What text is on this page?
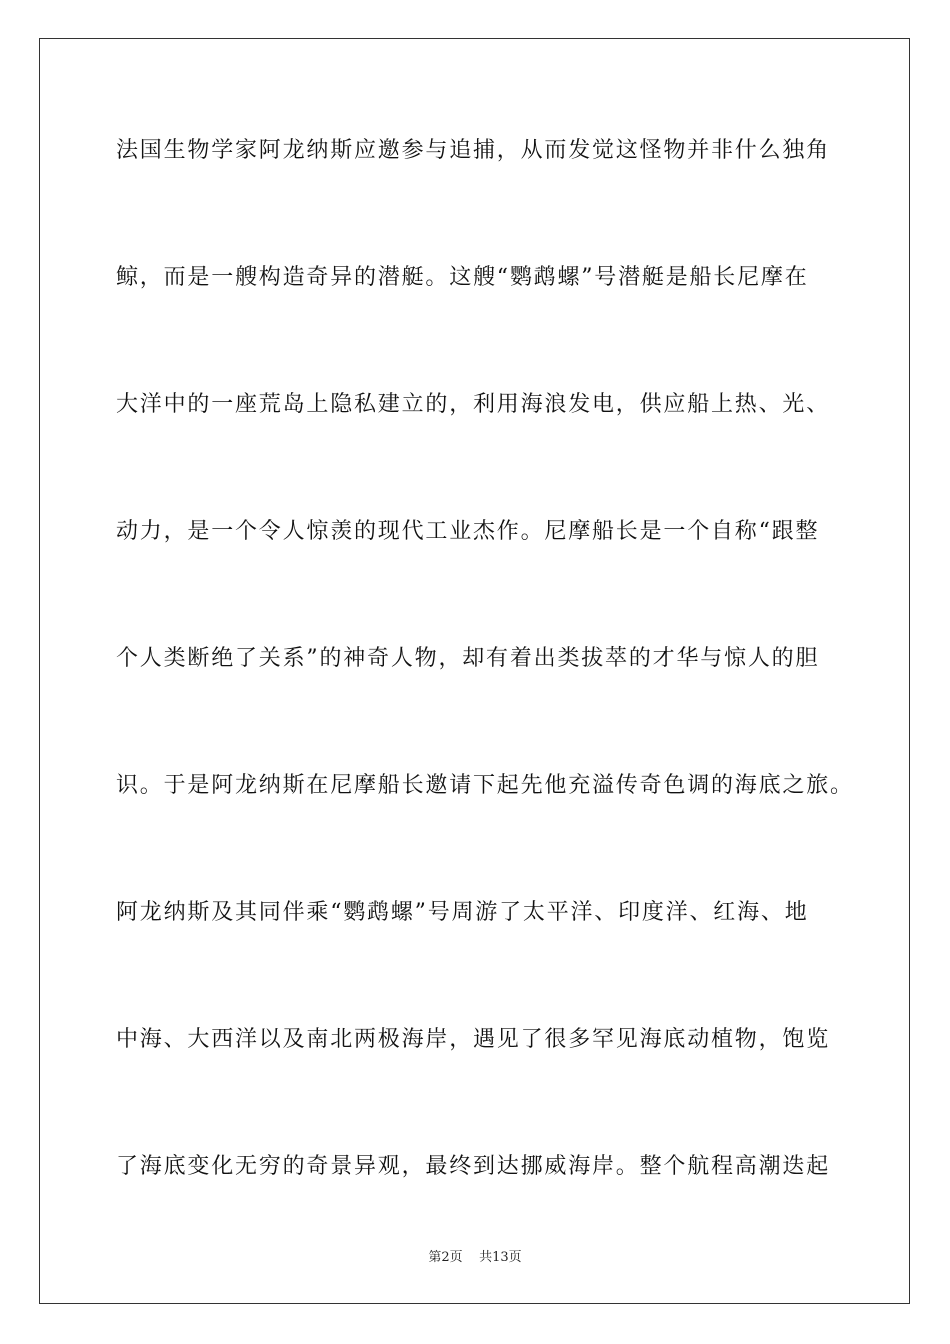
法国生物学家阿龙纳斯应邀参与追捕，从而发觉这怪物并非什么独角
鲸，而是一艘构造奇异的潜艇。这艘“鹦鹉螺”号潜艇是船长尼摩在
大洋中的一座荒岛上隐私建立的，利用海浪发电，供应船上热、光、
动力，是一个令人惊羡的现代工业杰作。尼摩船长是一个自称“跟整
个人类断绝了关系”的神奇人物，却有着出类拔萃的才华与惊人的胆
识。于是阿龙纳斯在尼摩船长邀请下起先他充溢传奇色调的海底之旅。
阿龙纳斯及其同伴乘“鹦鹉螺”号周游了太平洋、印度洋、红海、地
中海、大西洋以及南北两极海岸，遇见了很多罕见海底动植物，饱览
了海底变化无穷的奇景异观，最终到达挪威海岸。整个航程高潮迭起
第2页    共13页
